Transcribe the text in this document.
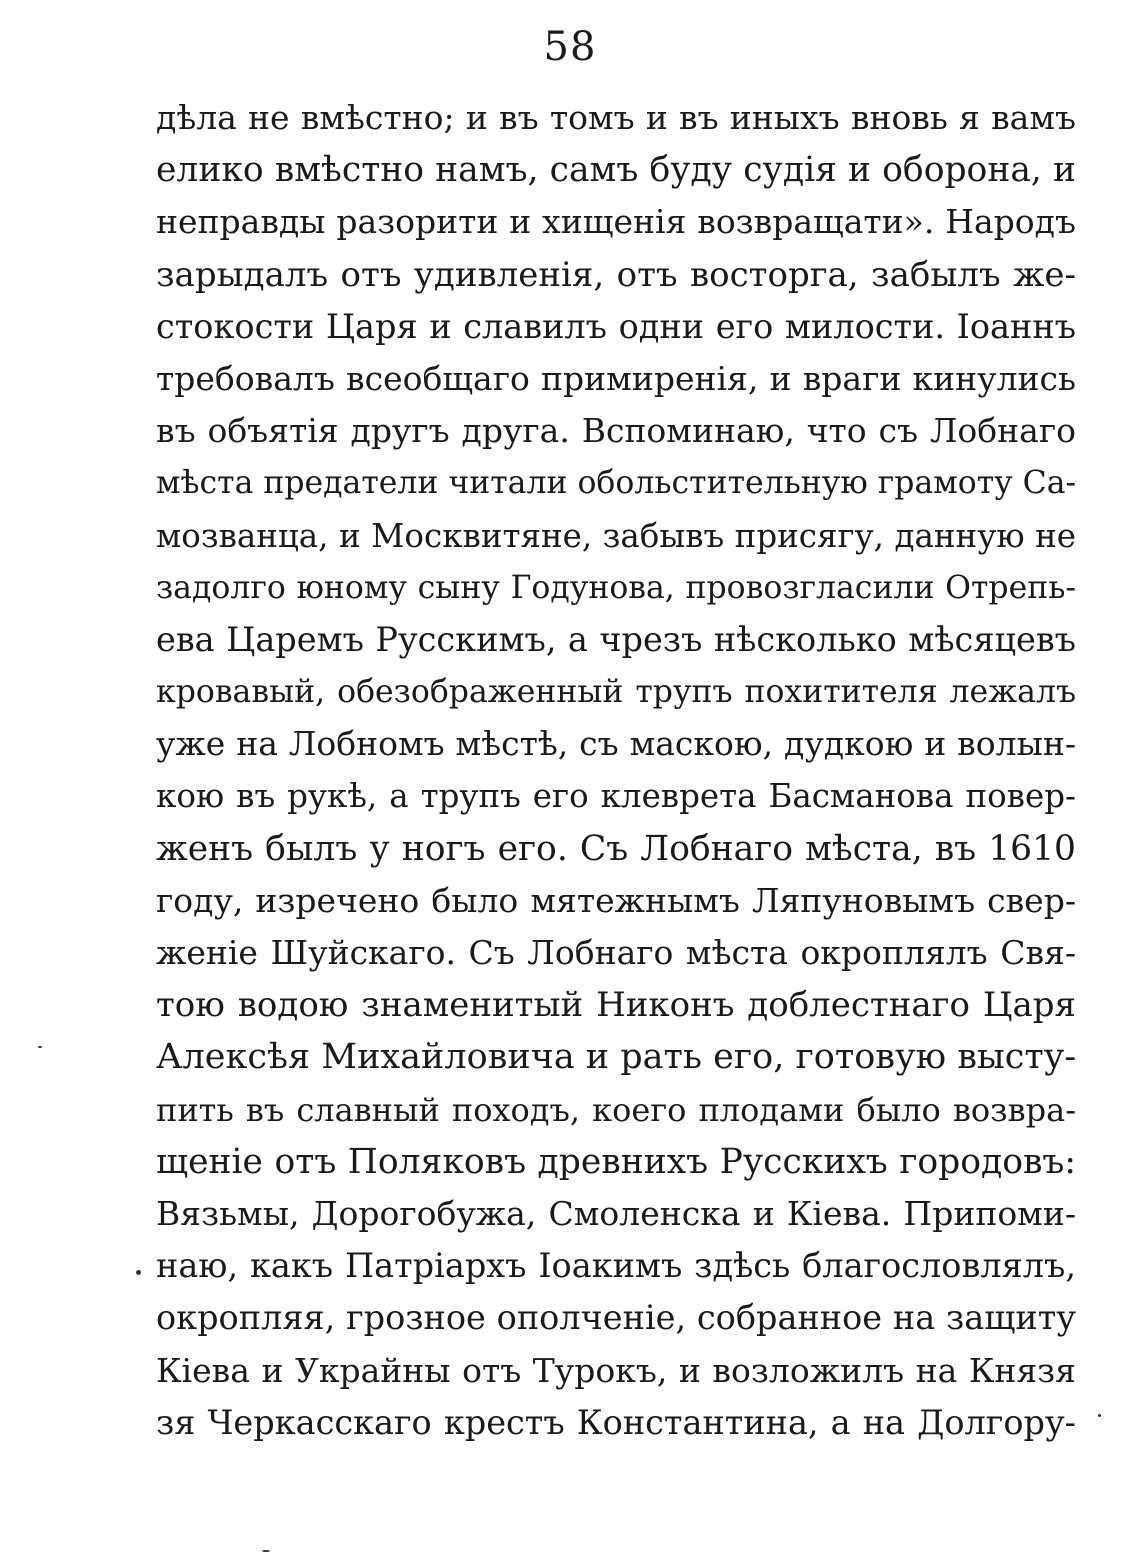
58
дѣла не вмѣстно; и въ томъ и въ иныхъ вновь я вамъ
елико вмѣстно намъ, самъ буду судія и оборона, и
неправды разорити и хищенія возвращати». Народъ
зарыдалъ отъ удивленія, отъ восторга, забылъ же-
стокости Царя и славилъ одни его милости. Іоаннъ
требовалъ всеобщаго примиренія, и враги кинулись
въ объятія другъ друга. Вспоминаю, что съ Лобнаго
мѣста предатели читали обольстительную грамоту Са-
мозванца, и Москвитяне, забывъ присягу, данную не
задолго юному сыну Годунова, провозгласили Отрепь-
ева Царемъ Русскимъ, а чрезъ нѣсколько мѣсяцевъ
кровавый, обезображенный трупъ похитителя лежалъ
уже на Лобномъ мѣстѣ, съ маскою, дудкою и волын-
кою въ рукѣ, а трупъ его клеврета Басманова повер-
женъ былъ у ногъ его. Съ Лобнаго мѣста, въ 1610
году, изречено было мятежнымъ Ляпуновымъ свер-
женіе Шуйскаго. Съ Лобнаго мѣста окроплялъ Свя-
тою водою знаменитый Никонъ доблестнаго Царя
Алексѣя Михайловича и рать его, готовую высту-
пить въ славный походъ, коего плодами было возвра-
щеніе отъ Поляковъ древнихъ Русскихъ городовъ:
Вязьмы, Дорогобужа, Смоленска и Кіева. Припоми-
наю, какъ Патріархъ Іоакимъ здѣсь благословлялъ,
окропляя, грозное ополченіе, собранное на защиту
Кіева и Украйны отъ Турокъ, и возложилъ на Князя
зя Черкасскаго крестъ Константина, а на Долгору-
